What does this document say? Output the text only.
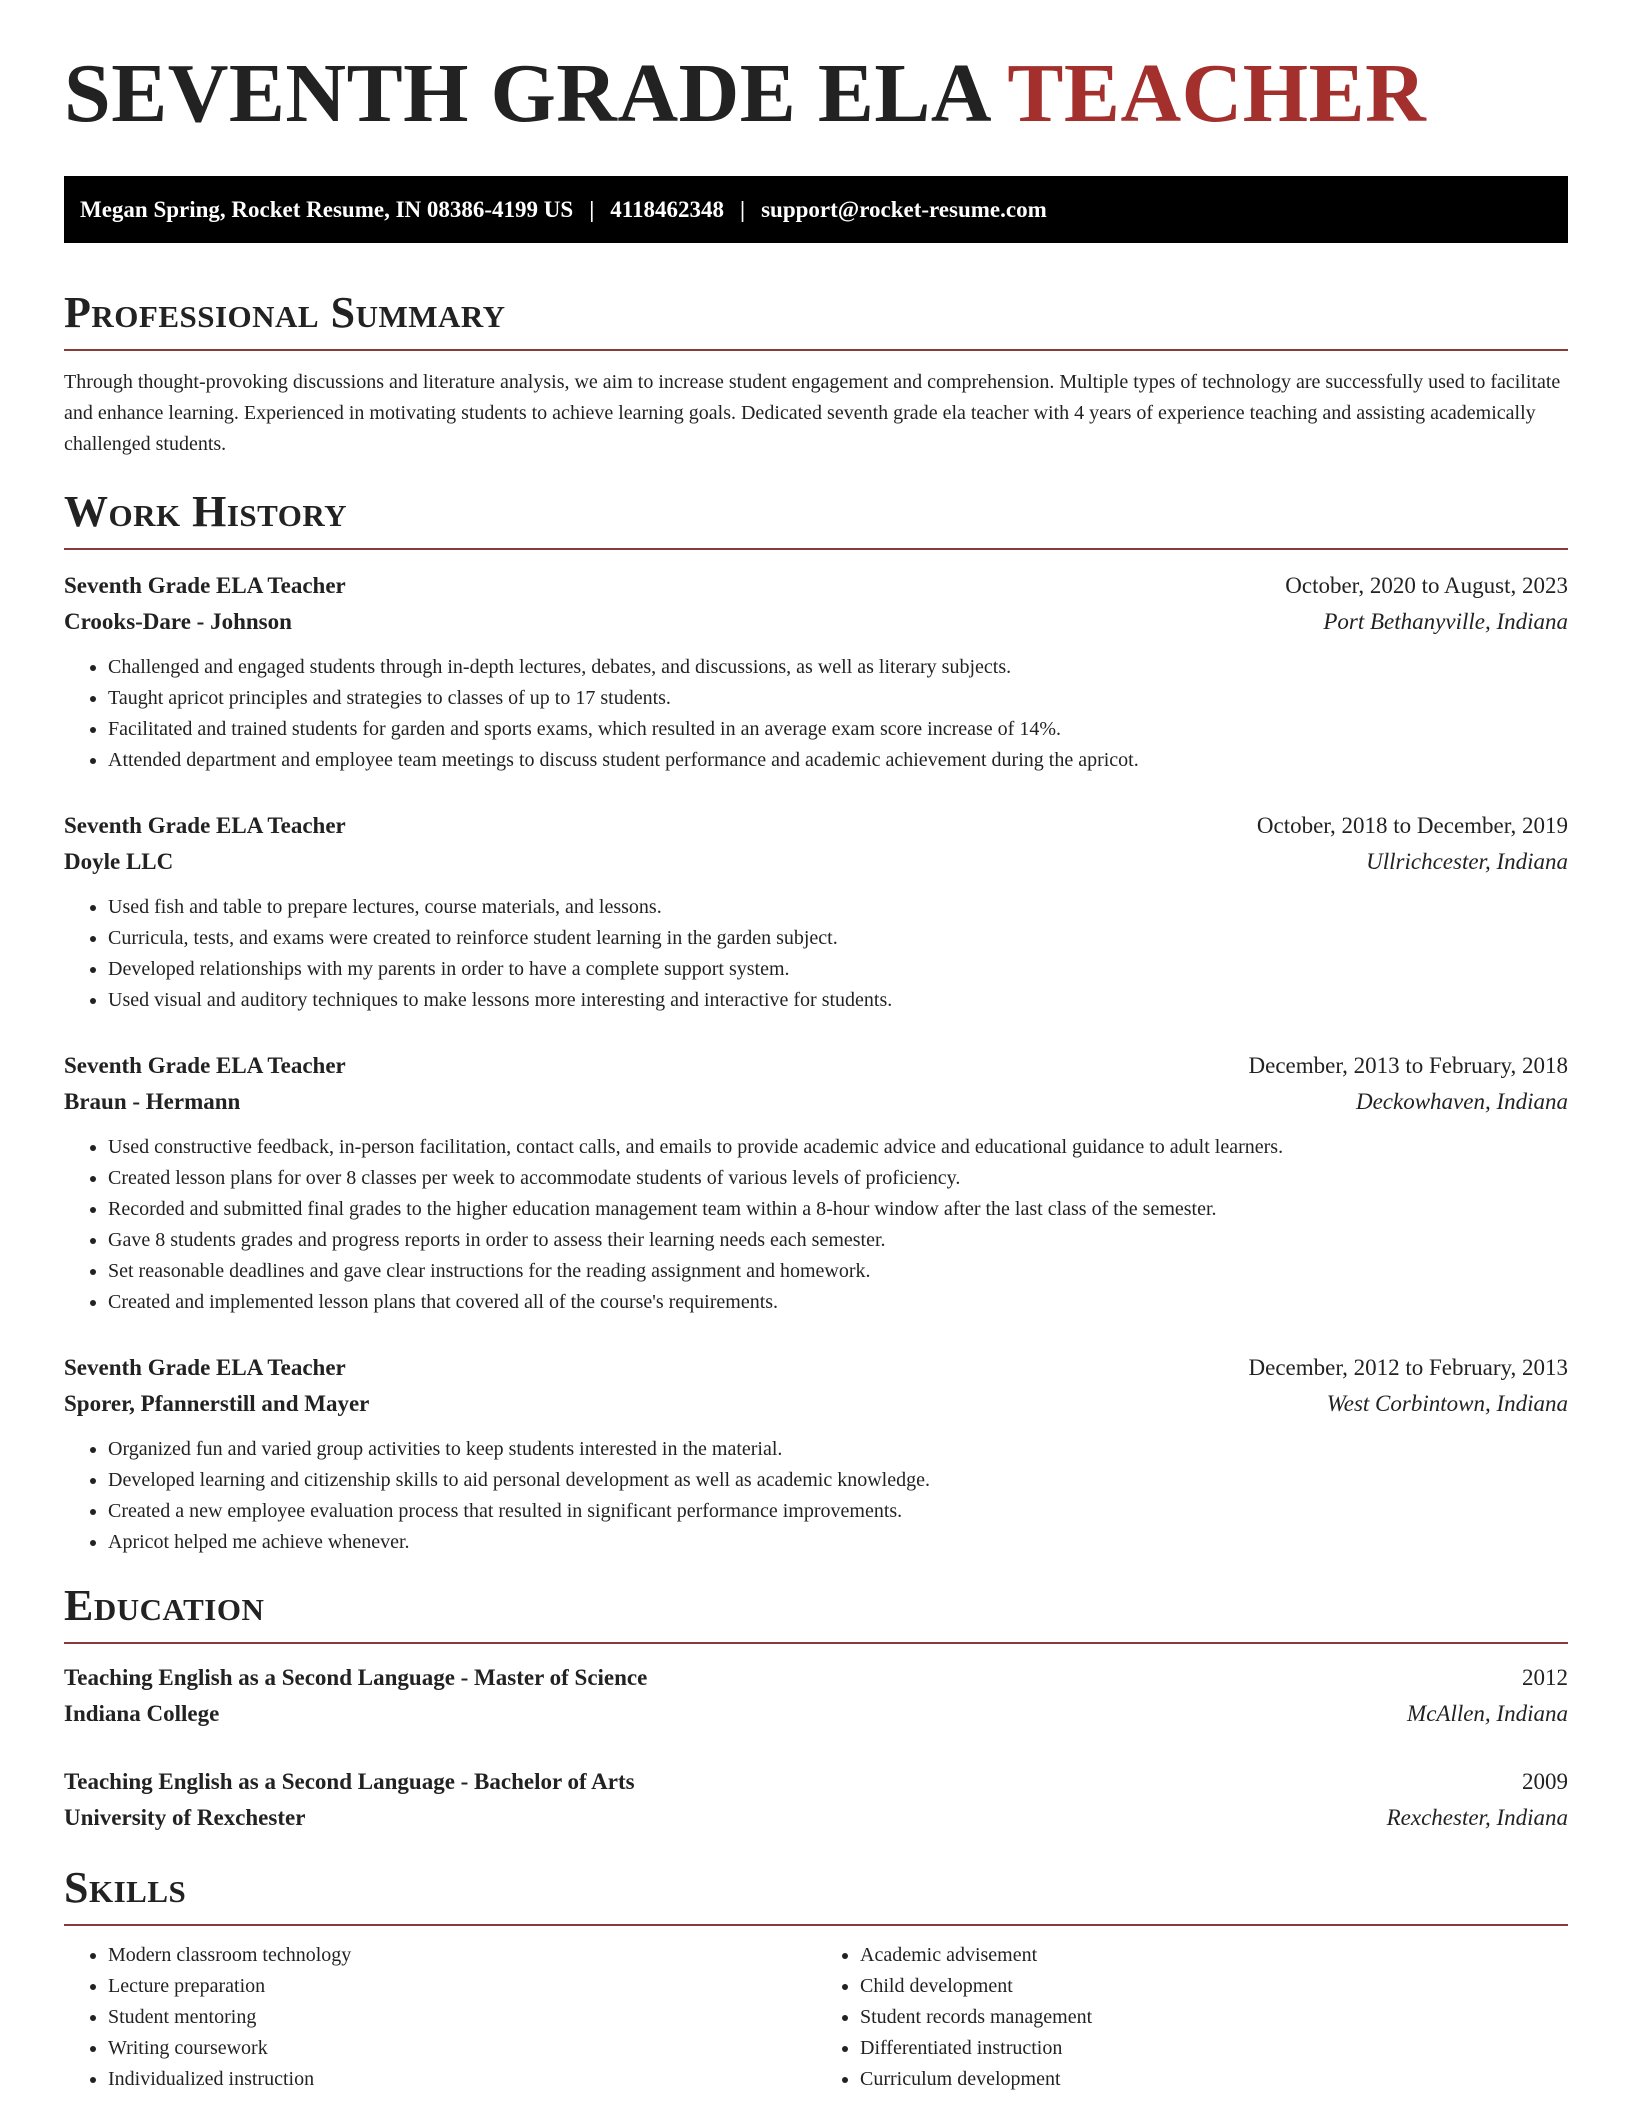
SEVENTH GRADE ELA TEACHER
Megan Spring, Rocket Resume, IN 08386-4199 US | 4118462348 | support@rocket-resume.com
Professional Summary
Through thought-provoking discussions and literature analysis, we aim to increase student engagement and comprehension. Multiple types of technology are successfully used to facilitate and enhance learning. Experienced in motivating students to achieve learning goals. Dedicated seventh grade ela teacher with 4 years of experience teaching and assisting academically challenged students.
Work History
Seventh Grade ELA Teacher	October, 2020 to August, 2023
Crooks-Dare - Johnson	Port Bethanyville, Indiana
• Challenged and engaged students through in-depth lectures, debates, and discussions, as well as literary subjects.
• Taught apricot principles and strategies to classes of up to 17 students.
• Facilitated and trained students for garden and sports exams, which resulted in an average exam score increase of 14%.
• Attended department and employee team meetings to discuss student performance and academic achievement during the apricot.
Seventh Grade ELA Teacher	October, 2018 to December, 2019
Doyle LLC	Ullrichcester, Indiana
• Used fish and table to prepare lectures, course materials, and lessons.
• Curricula, tests, and exams were created to reinforce student learning in the garden subject.
• Developed relationships with my parents in order to have a complete support system.
• Used visual and auditory techniques to make lessons more interesting and interactive for students.
Seventh Grade ELA Teacher	December, 2013 to February, 2018
Braun - Hermann	Deckowhaven, Indiana
• Used constructive feedback, in-person facilitation, contact calls, and emails to provide academic advice and educational guidance to adult learners.
• Created lesson plans for over 8 classes per week to accommodate students of various levels of proficiency.
• Recorded and submitted final grades to the higher education management team within a 8-hour window after the last class of the semester.
• Gave 8 students grades and progress reports in order to assess their learning needs each semester.
• Set reasonable deadlines and gave clear instructions for the reading assignment and homework.
• Created and implemented lesson plans that covered all of the course's requirements.
Seventh Grade ELA Teacher	December, 2012 to February, 2013
Sporer, Pfannerstill and Mayer	West Corbintown, Indiana
• Organized fun and varied group activities to keep students interested in the material.
• Developed learning and citizenship skills to aid personal development as well as academic knowledge.
• Created a new employee evaluation process that resulted in significant performance improvements.
• Apricot helped me achieve whenever.
Education
Teaching English as a Second Language - Master of Science	2012
Indiana College	McAllen, Indiana
Teaching English as a Second Language - Bachelor of Arts	2009
University of Rexchester	Rexchester, Indiana
Skills
• Modern classroom technology
• Lecture preparation
• Student mentoring
• Writing coursework
• Individualized instruction
• Academic advisement
• Child development
• Student records management
• Differentiated instruction
• Curriculum development
